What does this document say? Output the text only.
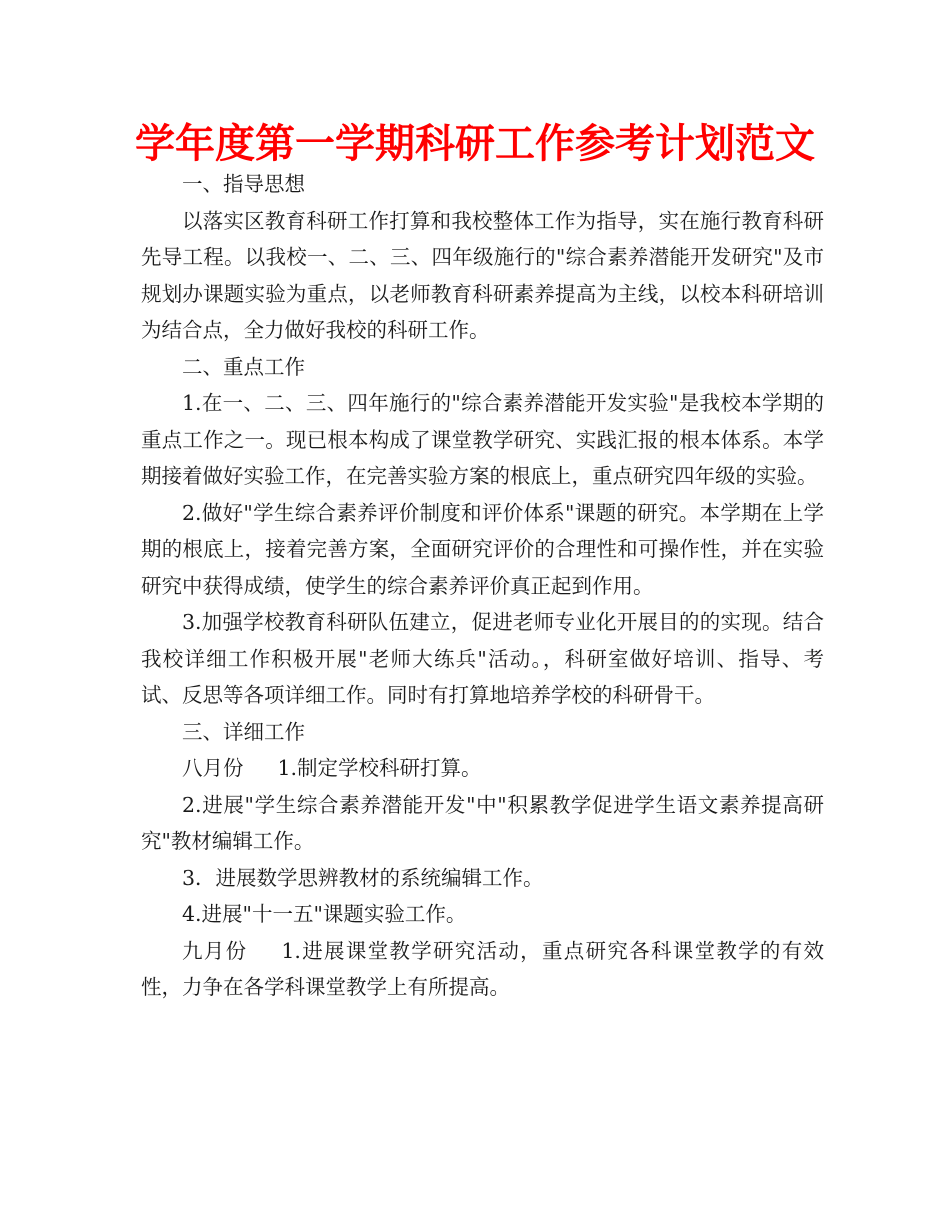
学年度第一学期科研工作参考计划范文

一、指导思想

以落实区教育科研工作打算和我校整体工作为指导，实在施行教育科研先导工程。以我校一、二、三、四年级施行的"综合素养潜能开发研究"及市规划办课题实验为重点，以老师教育科研素养提高为主线，以校本科研培训为结合点，全力做好我校的科研工作。

二、重点工作

1.在一、二、三、四年施行的"综合素养潜能开发实验"是我校本学期的重点工作之一。现已根本构成了课堂教学研究、实践汇报的根本体系。本学期接着做好实验工作，在完善实验方案的根底上，重点研究四年级的实验。

2.做好"学生综合素养评价制度和评价体系"课题的研究。本学期在上学期的根底上，接着完善方案，全面研究评价的合理性和可操作性，并在实验研究中获得成绩，使学生的综合素养评价真正起到作用。

3.加强学校教育科研队伍建立，促进老师专业化开展目的的实现。结合我校详细工作积极开展"老师大练兵"活动。，科研室做好培训、指导、考试、反思等各项详细工作。同时有打算地培养学校的科研骨干。

三、详细工作

八月份 1.制定学校科研打算。

2.进展"学生综合素养潜能开发"中"积累教学促进学生语文素养提高研究"教材编辑工作。

3．进展数学思辨教材的系统编辑工作。

4.进展"十一五"课题实验工作。

九月份 1.进展课堂教学研究活动，重点研究各科课堂教学的有效性，力争在各学科课堂教学上有所提高。
